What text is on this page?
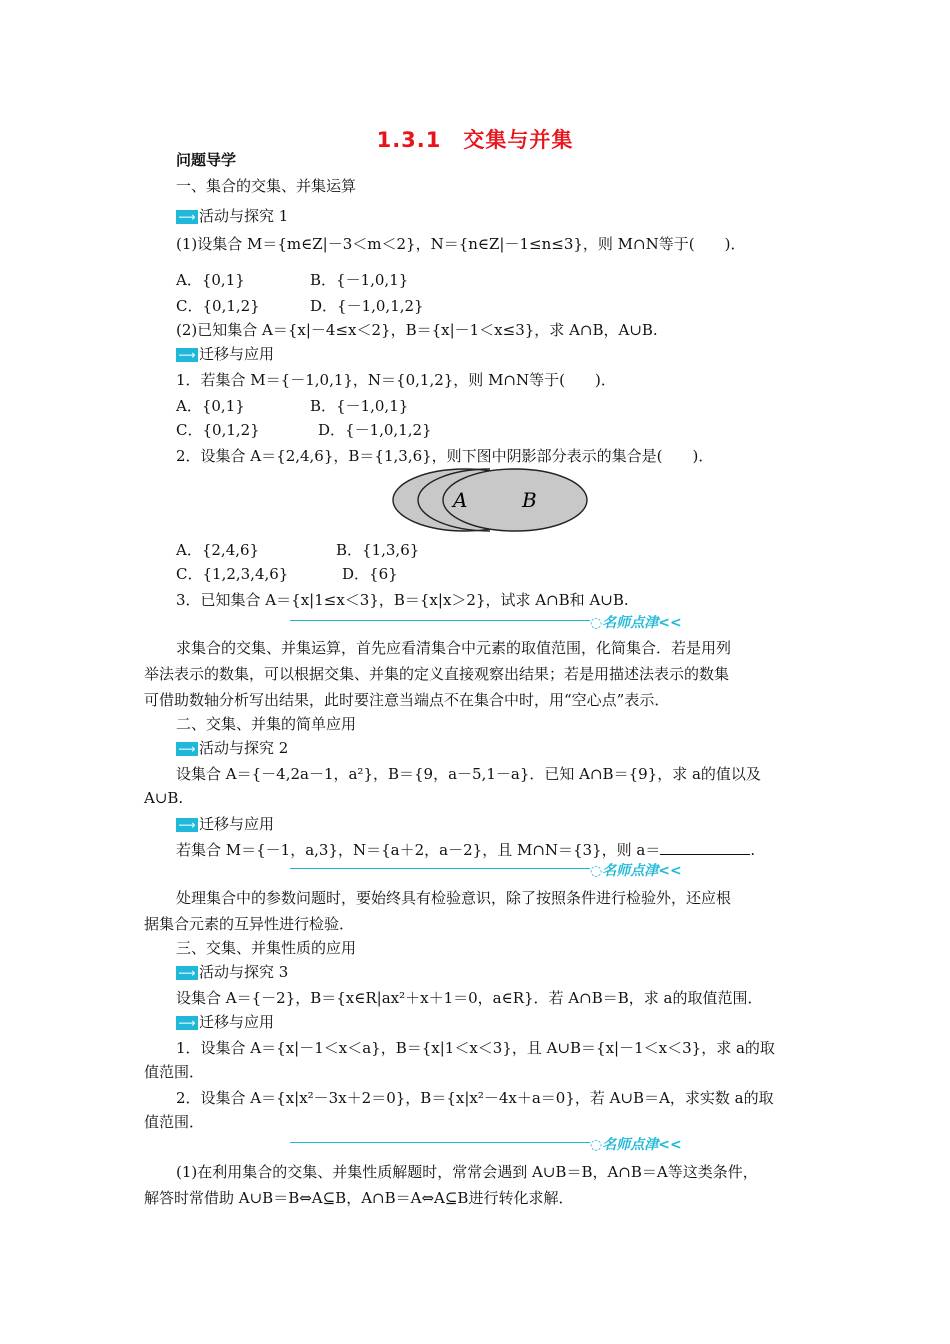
1.3.1　交集与并集
问题导学
一、集合的交集、并集运算
⟶ 活动与探究 1
(1)设集合 M＝{m∈Z|－3＜m＜2}，N＝{n∈Z|－1≤n≤3}，则 M∩N等于(　　)．
A．{0,1}	B．{－1,0,1}
C．{0,1,2}	D．{－1,0,1,2}
(2)已知集合 A＝{x|－4≤x＜2}，B＝{x|－1＜x≤3}，求 A∩B，A∪B.
⟶ 迁移与应用
1．若集合 M＝{－1,0,1}，N＝{0,1,2}，则 M∩N等于(　　)．
A．{0,1}	B．{－1,0,1}
C．{0,1,2}	D．{－1,0,1,2}
2．设集合 A＝{2,4,6}，B＝{1,3,6}，则下图中阴影部分表示的集合是(　　)．
A	B
A．{2,4,6}	B．{1,3,6}
C．{1,2,3,4,6}	D．{6}
3．已知集合 A＝{x|1≤x＜3}，B＝{x|x＞2}，试求 A∩B和 A∪B.
◌名师点津<<
求集合的交集、并集运算，首先应看清集合中元素的取值范围，化简集合．若是用列
举法表示的数集，可以根据交集、并集的定义直接观察出结果；若是用描述法表示的数集
可借助数轴分析写出结果，此时要注意当端点不在集合中时，用“空心点”表示．
二、交集、并集的简单应用
⟶ 活动与探究 2
设集合 A＝{－4,2a－1，a²}，B＝{9，a－5,1－a}．已知 A∩B＝{9}，求 a的值以及
A∪B.
⟶ 迁移与应用
若集合 M＝{－1，a,3}，N＝{a＋2，a－2}，且 M∩N＝{3}，则 a＝	.
◌名师点津<<
处理集合中的参数问题时，要始终具有检验意识，除了按照条件进行检验外，还应根
据集合元素的互异性进行检验．
三、交集、并集性质的应用
⟶ 活动与探究 3
设集合 A＝{－2}，B＝{x∈R|ax²＋x＋1＝0，a∈R}．若 A∩B＝B，求 a的取值范围．
⟶ 迁移与应用
1．设集合 A＝{x|－1＜x＜a}，B＝{x|1＜x＜3}，且 A∪B＝{x|－1＜x＜3}，求 a的取
值范围．
2．设集合 A＝{x|x²－3x＋2＝0}，B＝{x|x²－4x＋a＝0}，若 A∪B＝A，求实数 a的取
值范围．
◌名师点津<<
(1)在利用集合的交集、并集性质解题时，常常会遇到 A∪B＝B，A∩B＝A等这类条件，
解答时常借助 A∪B＝B⇔A⊆B，A∩B＝A⇔A⊆B进行转化求解．
